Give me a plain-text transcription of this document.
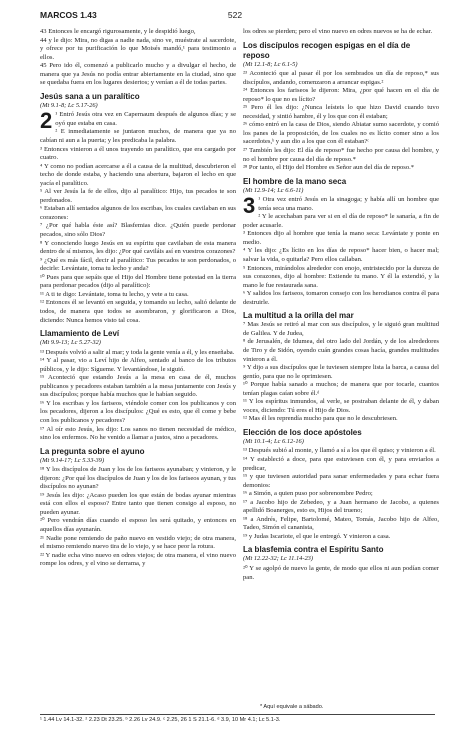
MARCOS 1.43	522

43 Entonces le encargó rigurosamente, y le despidió luego,

44 y le dijo: Mira, no digas a nadie nada, sino ve, muéstrate al sacerdote, y ofrece por tu purificación lo que Moisés mandó,¹ para testimonio a ellos.

45 Pero ido él, comenzó a publicarlo mucho y a divulgar el hecho, de manera que ya Jesús no podía entrar abiertamente en la ciudad, sino que se quedaba fuera en los lugares desiertos; y venían a él de todas partes.

Jesús sana a un paralítico
(Mt 9.1-8; Lc 5.17-26)
2 ¹ Entró Jesús otra vez en Capernaum después de algunos días; y se oyó que estaba en casa.

² E inmediatamente se juntaron muchos, de manera que ya no cabían ni aun a la puerta; y les predicaba la palabra.

³ Entonces vinieron a él unos trayendo un paralítico, que era cargado por cuatro.

⁴ Y como no podían acercarse a él a causa de la multitud, descubrieron el techo de donde estaba, y haciendo una abertura, bajaron el lecho en que yacía el paralítico.

⁵ Al ver Jesús la fe de ellos, dijo al paralítico: Hijo, tus pecados te son perdonados.

⁶ Estaban allí sentados algunos de los escribas, los cuales cavilaban en sus corazones:

⁷ ¿Por qué habla éste así? Blasfemias dice. ¿Quién puede perdonar pecados, sino sólo Dios?

⁸ Y conociendo luego Jesús en su espíritu que cavilaban de esta manera dentro de sí mismos, les dijo: ¿Por qué caviláis así en vuestros corazones?

⁹ ¿Qué es más fácil, decir al paralítico: Tus pecados te son perdonados, o decirle: Levántate, toma tu lecho y anda?

¹⁰ Pues para que sepáis que el Hijo del Hombre tiene potestad en la tierra para perdonar pecados (dijo al paralítico):

¹¹ A ti te digo: Levántate, toma tu lecho, y vete a tu casa.

¹² Entonces él se levantó en seguida, y tomando su lecho, salió delante de todos, de manera que todos se asombraron, y glorificaron a Dios, diciendo: Nunca hemos visto tal cosa.

Llamamiento de Leví
(Mt 9.9-13; Lc 5.27-32)

¹³ Después volvió a salir al mar; y toda la gente venía a él, y les enseñaba.

¹⁴ Y al pasar, vio a Leví hijo de Alfeo, sentado al banco de los tributos públicos, y le dijo: Sígueme. Y levantándose, le siguió.

¹⁵ Aconteció que estando Jesús a la mesa en casa de él, muchos publicanos y pecadores estaban también a la mesa juntamente con Jesús y sus discípulos; porque había muchos que le habían seguido.

¹⁶ Y los escribas y los fariseos, viéndole comer con los publicanos y con los pecadores, dijeron a los discípulos: ¿Qué es esto, que él come y bebe con los publicanos y pecadores?

¹⁷ Al oír esto Jesús, les dijo: Los sanos no tienen necesidad de médico, sino los enfermos. No he venido a llamar a justos, sino a pecadores.

La pregunta sobre el ayuno
(Mt 9.14-17; Lc 5.33-39)

¹⁸ Y los discípulos de Juan y los de los fariseos ayunaban; y vinieron, y le dijeron: ¿Por qué los discípulos de Juan y los de los fariseos ayunan, y tus discípulos no ayunan?

¹⁹ Jesús les dijo: ¿Acaso pueden los que están de bodas ayunar mientras está con ellos el esposo? Entre tanto que tienen consigo al esposo, no pueden ayunar.

²⁰ Pero vendrán días cuando el esposo les será quitado, y entonces en aquellos días ayunarán.

²¹ Nadie pone remiendo de paño nuevo en vestido viejo; de otra manera, el mismo remiendo nuevo tira de lo viejo, y se hace peor la rotura.

²² Y nadie echa vino nuevo en odres viejos; de otra manera, el vino nuevo rompe los odres, y el vino se derrama, y

los odres se pierden; pero el vino nuevo en odres nuevos se ha de echar.

Los discípulos recogen espigas en el día de reposo
(Mt 12.1-8; Lc 6.1-5)

²³ Aconteció que al pasar él por los sembrados un día de reposo,* sus discípulos, andando, comenzaron a arrancar espigas.²

²⁴ Entonces los fariseos le dijeron: Mira, ¿por qué hacen en el día de reposo* lo que no es lícito?

²⁵ Pero él les dijo: ¿Nunca leísteis lo que hizo David cuando tuvo necesidad, y sintió hambre, él y los que con él estaban;

²⁶ cómo entró en la casa de Dios, siendo Abiatar sumo sacerdote, y comió los panes de la proposición, de los cuales no es lícito comer sino a los sacerdotes,ᵇ y aun dio a los que con él estaban?ᶜ

²⁷ También les dijo: El día de reposo* fue hecho por causa del hombre, y no el hombre por causa del día de reposo.*

²⁸ Por tanto, el Hijo del Hombre es Señor aun del día de reposo.*

El hombre de la mano seca
(Mt 12.9-14; Lc 6.6-11)
3 ¹ Otra vez entró Jesús en la sinagoga; y había allí un hombre que tenía seca una mano.

² Y le acechaban para ver si en el día de reposo* le sanaría, a fin de poder acusarle.

³ Entonces dijo al hombre que tenía la mano seca: Levántate y ponte en medio.

⁴ Y les dijo: ¿Es lícito en los días de reposo* hacer bien, o hacer mal; salvar la vida, o quitarla? Pero ellos callaban.

⁵ Entonces, mirándolos alrededor con enojo, entristecido por la dureza de sus corazones, dijo al hombre: Extiende tu mano. Y él la extendió, y la mano le fue restaurada sana.

⁶ Y salidos los fariseos, tomaron consejo con los herodianos contra él para destruirle.

La multitud a la orilla del mar

⁷ Mas Jesús se retiró al mar con sus discípulos, y le siguió gran multitud de Galilea. Y de Judea,

⁸ de Jerusalén, de Idumea, del otro lado del Jordán, y de los alrededores de Tiro y de Sidón, oyendo cuán grandes cosas hacía, grandes multitudes vinieron a él.

⁹ Y dijo a sus discípulos que le tuviesen siempre lista la barca, a causa del gentío, para que no le oprimiesen.

¹⁰ Porque había sanado a muchos; de manera que por tocarle, cuantos tenían plagas caían sobre él.ᵈ

¹¹ Y los espíritus inmundos, al verle, se postraban delante de él, y daban voces, diciendo: Tú eres el Hijo de Dios.

¹² Mas él les reprendía mucho para que no le descubriesen.

Elección de los doce apóstoles
(Mt 10.1-4; Lc 6.12-16)

¹³ Después subió al monte, y llamó a sí a los que él quiso; y vinieron a él.

¹⁴ Y estableció a doce, para que estuviesen con él, y para enviarlos a predicar,

¹⁵ y que tuviesen autoridad para sanar enfermedades y para echar fuera demonios:

¹⁶ a Simón, a quien puso por sobrenombre Pedro;

¹⁷ a Jacobo hijo de Zebedeo, y a Juan hermano de Jacobo, a quienes apellidó Boanerges, esto es, Hijos del trueno;

¹⁸ a Andrés, Felipe, Bartolomé, Mateo, Tomás, Jacobo hijo de Alfeo, Tadeo, Simón el cananista,

¹⁹ y Judas Iscariote, el que le entregó. Y vinieron a casa.

La blasfemia contra el Espíritu Santo
(Mt 12.22-32; Lc 11.14-23)

²⁰ Y se agolpó de nuevo la gente, de modo que ellos ni aun podían comer pan.

* Aquí equivale a sábado.
¹ 1.44 Lv 14.1-32. ² 2.23 Dt 23.25. ᵇ 2.26 Lv 24.9. ᶜ 2.25, 26 1 S 21.1-6. ᵈ 3.9, 10 Mr 4.1; Lc 5.1-3.
